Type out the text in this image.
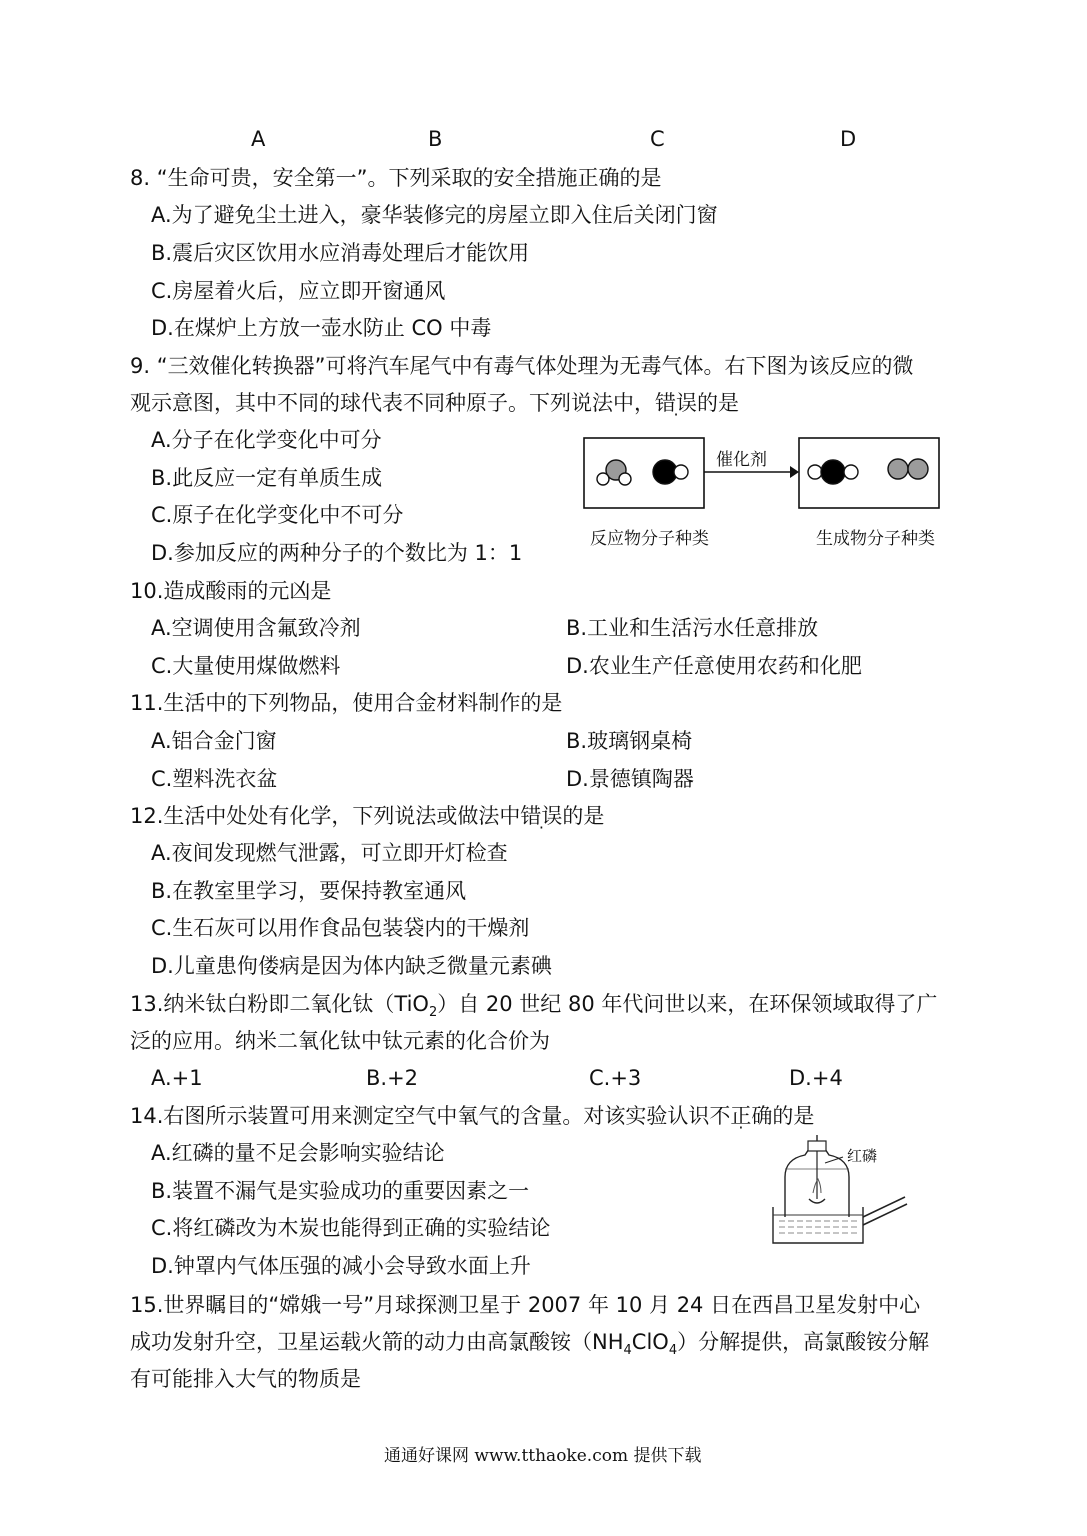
A	B	C	D
8. “生命可贵，安全第一”。下列采取的安全措施正确的是
A.为了避免尘土进入，豪华装修完的房屋立即入住后关闭门窗
B.震后灾区饮用水应消毒处理后才能饮用
C.房屋着火后，应立即开窗通风
D.在煤炉上方放一壶水防止 CO 中毒
9. “三效催化转换器”可将汽车尾气中有毒气体处理为无毒气体。右下图为该反应的微
观示意图，其中不同的球代表不同种原子。下列说法中，错误的是
A.分子在化学变化中可分
B.此反应一定有单质生成
C.原子在化学变化中不可分
D.参加反应的两种分子的个数比为 1：1
催化剂
反应物分子种类	生成物分子种类
10.造成酸雨的元凶是
A.空调使用含氟致冷剂	B.工业和生活污水任意排放
C.大量使用煤做燃料	D.农业生产任意使用农药和化肥
11.生活中的下列物品，使用合金材料制作的是
A.铝合金门窗	B.玻璃钢桌椅
C.塑料洗衣盆	D.景德镇陶器
12.生活中处处有化学，下列说法或做法中错误的是
A.夜间发现燃气泄露，可立即开灯检查
B.在教室里学习，要保持教室通风
C.生石灰可以用作食品包装袋内的干燥剂
D.儿童患佝偻病是因为体内缺乏微量元素碘
13.纳米钛白粉即二氧化钛（TiO$_2$）自 20 世纪 80 年代问世以来，在环保领域取得了广
泛的应用。纳米二氧化钛中钛元素的化合价为
A.+1	B.+2	C.+3	D.+4
14.右图所示装置可用来测定空气中氧气的含量。对该实验认识不正确的是
A.红磷的量不足会影响实验结论
B.装置不漏气是实验成功的重要因素之一
C.将红磷改为木炭也能得到正确的实验结论
D.钟罩内气体压强的减小会导致水面上升
红磷
15.世界瞩目的“嫦娥一号”月球探测卫星于 2007 年 10 月 24 日在西昌卫星发射中心
成功发射升空，卫星运载火箭的动力由高氯酸铵$(NH_4ClO_4)$分解提供，高氯酸铵分解
有可能排入大气的物质是
通通好课网 www.tthaoke.com 提供下载
